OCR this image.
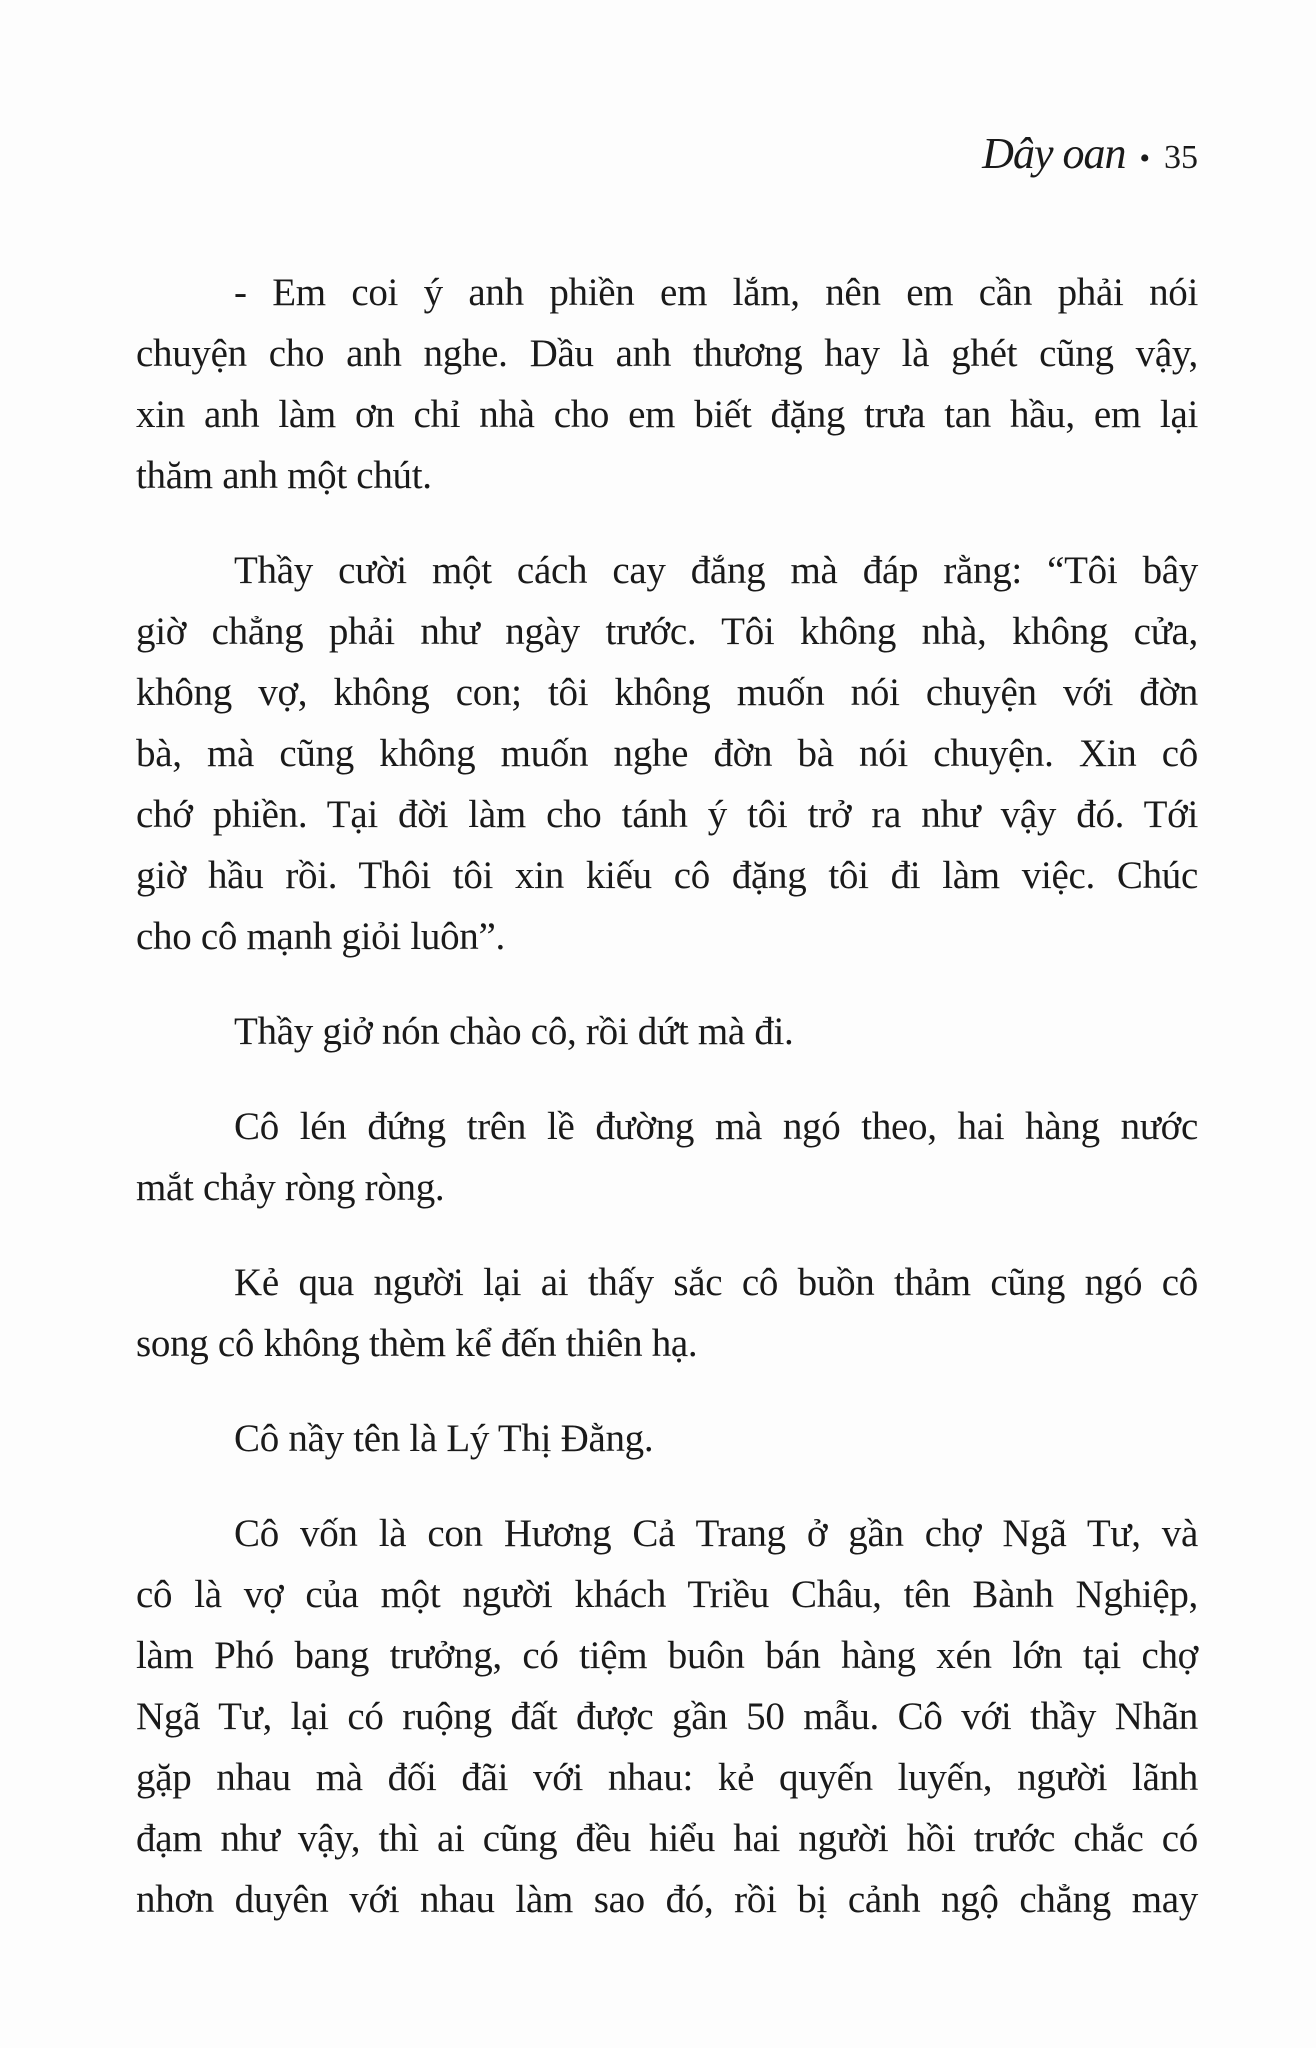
Dây oan • 35
- Em coi ý anh phiền em lắm, nên em cần phải nói
chuyện cho anh nghe. Dầu anh thương hay là ghét cũng vậy,
xin anh làm ơn chỉ nhà cho em biết đặng trưa tan hầu, em lại
thăm anh một chút.
Thầy cười một cách cay đắng mà đáp rằng: “Tôi bây
giờ chẳng phải như ngày trước. Tôi không nhà, không cửa,
không vợ, không con; tôi không muốn nói chuyện với đờn
bà, mà cũng không muốn nghe đờn bà nói chuyện. Xin cô
chớ phiền. Tại đời làm cho tánh ý tôi trở ra như vậy đó. Tới
giờ hầu rồi. Thôi tôi xin kiếu cô đặng tôi đi làm việc. Chúc
cho cô mạnh giỏi luôn”.
Thầy giở nón chào cô, rồi dứt mà đi.
Cô lén đứng trên lề đường mà ngó theo, hai hàng nước
mắt chảy ròng ròng.
Kẻ qua người lại ai thấy sắc cô buồn thảm cũng ngó cô
song cô không thèm kể đến thiên hạ.
Cô nầy tên là Lý Thị Đằng.
Cô vốn là con Hương Cả Trang ở gần chợ Ngã Tư, và
cô là vợ của một người khách Triều Châu, tên Bành Nghiệp,
làm Phó bang trưởng, có tiệm buôn bán hàng xén lớn tại chợ
Ngã Tư, lại có ruộng đất được gần 50 mẫu. Cô với thầy Nhãn
gặp nhau mà đối đãi với nhau: kẻ quyến luyến, người lãnh
đạm như vậy, thì ai cũng đều hiểu hai người hồi trước chắc có
nhơn duyên với nhau làm sao đó, rồi bị cảnh ngộ chẳng may
